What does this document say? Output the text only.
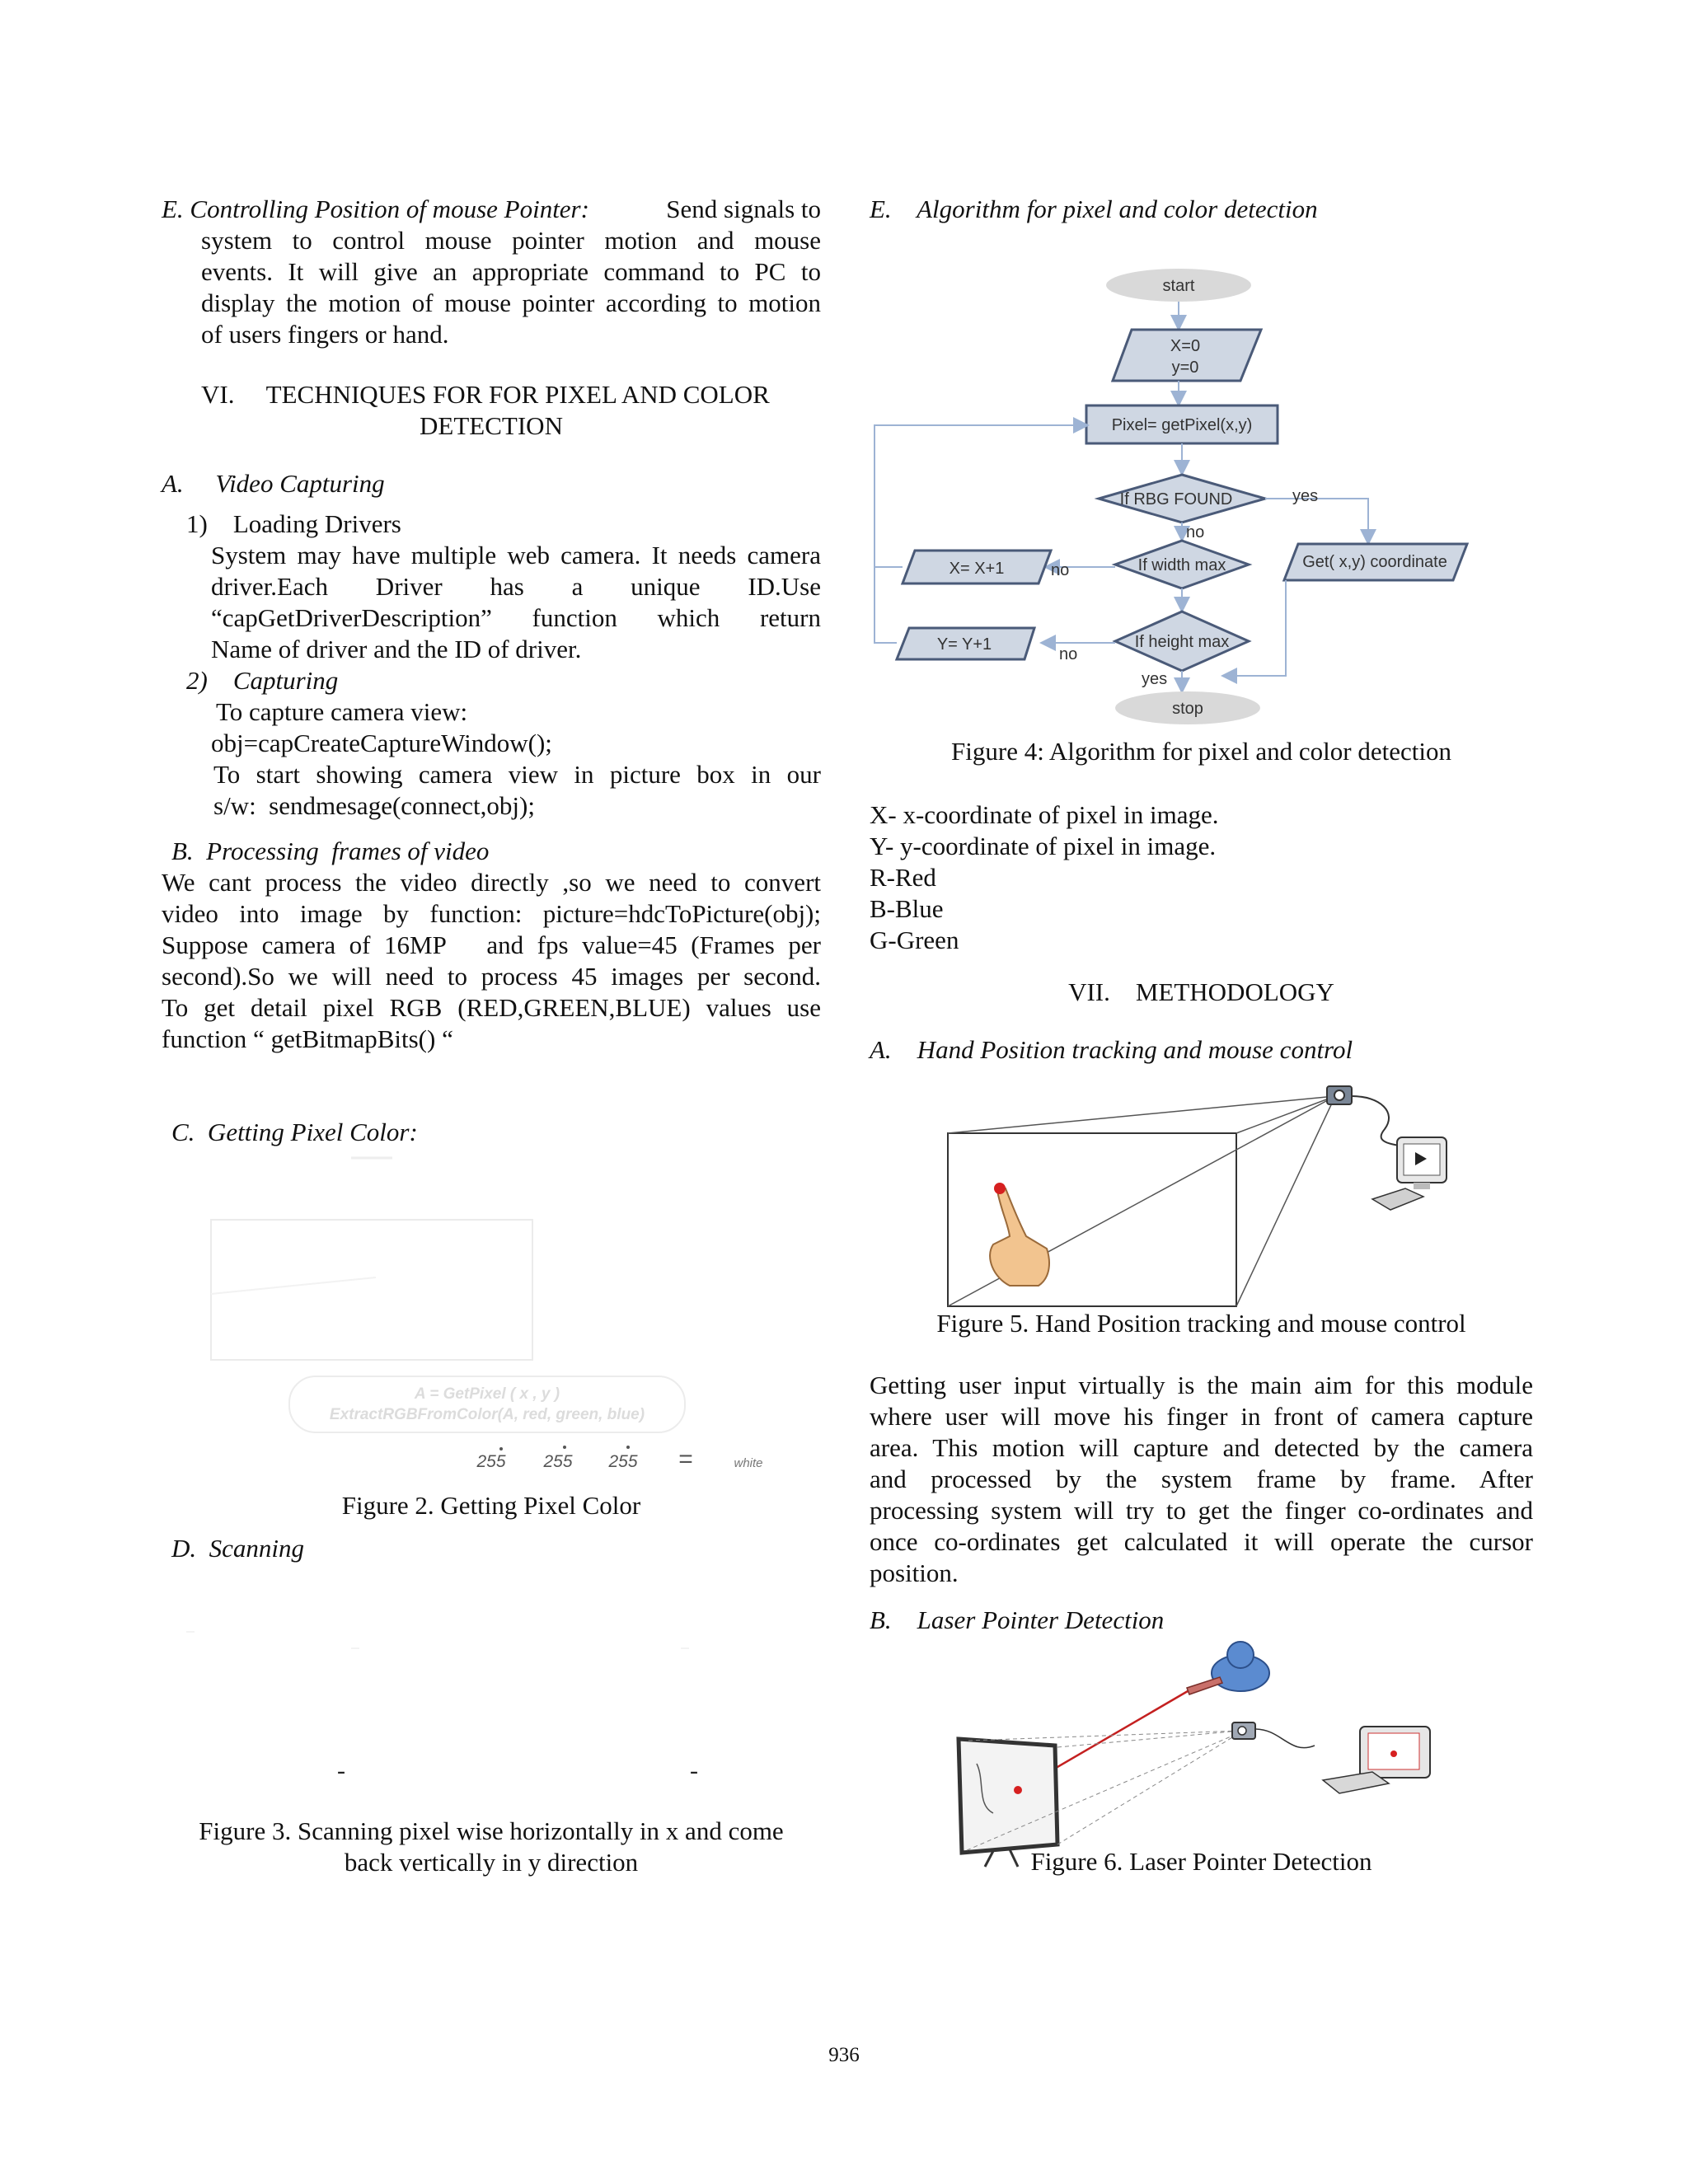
E. Controlling Position of mouse Pointer:	Send signals to
system to control mouse pointer motion and mouse
events. It will give an appropriate command to PC to
display the motion of mouse pointer according to motion
of users fingers or hand.
VI.     TECHNIQUES FOR FOR PIXEL AND COLOR
DETECTION
A.     Video Capturing
1)    Loading Drivers
System may have multiple web camera. It needs camera
driver.Each      Driver      has      a      unique      ID.Use
“capGetDriverDescription”     function     which     return
Name of driver and the ID of driver.
2)    Capturing
To capture camera view:
obj=capCreateCaptureWindow();
To start showing camera view in picture box in our
s/w:  sendmesage(connect,obj);
B.  Processing  frames of video
We cant process the video directly ,so we need to convert
video into image by function: picture=hdcToPicture(obj);
Suppose camera of 16MP   and fps value=45 (Frames per
second).So we will need to process 45 images per second.
To get detail pixel RGB (RED,GREEN,BLUE) values use
function “ getBitmapBits() “
C.  Getting Pixel Color:
A = GetPixel ( x , y )
ExtractRGBFromColor(A, red, green, blue)
255 255 255 =	white
Figure 2. Getting Pixel Color
D.  Scanning
-	-
Figure 3. Scanning pixel wise horizontally in x and come
back vertically in y direction
E.    Algorithm for pixel and color detection
start
X=0
y=0
Pixel= getPixel(x,y)
If RBG FOUND	yes
no
If width max
no
X= X+1	Get( x,y) coordinate
If height max
no
Y= Y+1
yes
stop
Figure 4: Algorithm for pixel and color detection
X- x-coordinate of pixel in image.
Y- y-coordinate of pixel in image.
R-Red
B-Blue
G-Green
VII.    METHODOLOGY
A.    Hand Position tracking and mouse control
Figure 5. Hand Position tracking and mouse control
Getting user input virtually is the main aim for this module
where user will move his finger in front of camera capture
area. This motion will capture and detected by the camera
and processed by the system frame by frame. After
processing system will try to get the finger co-ordinates and
once co-ordinates get calculated it will operate the cursor
position.
B.    Laser Pointer Detection
Figure 6. Laser Pointer Detection
936
